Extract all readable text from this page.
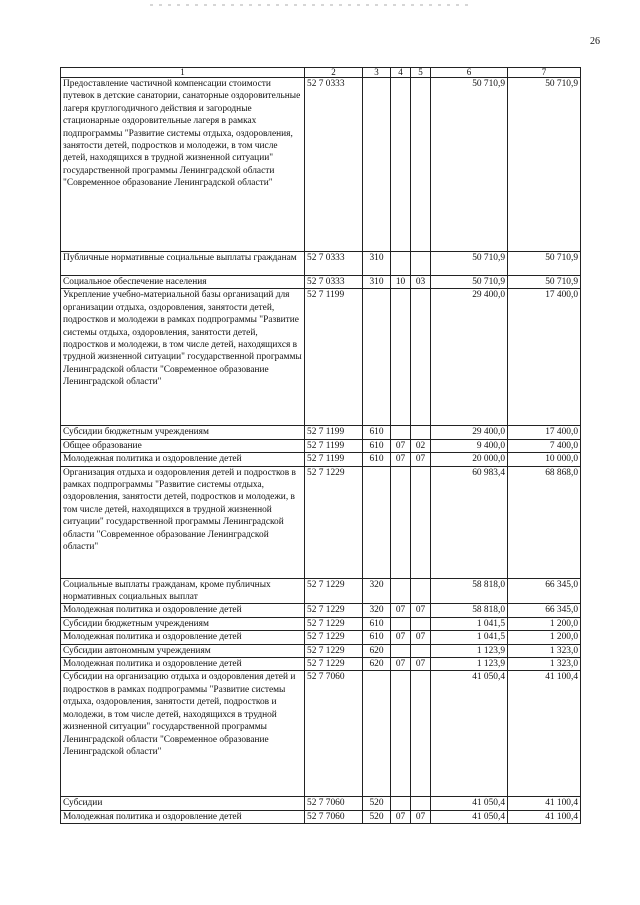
26
1	2	3	4	5	6	7
Предоставление частичной компенсации стоимости путевок в детские санатории, санаторные оздоровительные лагеря круглогодичного действия и загородные стационарные оздоровительные лагеря в рамках подпрограммы "Развитие системы отдыха, оздоровления, занятости детей, подростков и молодежи, в том числе детей, находящихся в трудной жизненной ситуации" государственной программы Ленинградской области "Современное образование Ленинградской области"	52 7 0333				50 710,9	50 710,9
Публичные нормативные социальные выплаты гражданам	52 7 0333	310			50 710,9	50 710,9
Социальное обеспечение населения	52 7 0333	310	10	03	50 710,9	50 710,9
Укрепление учебно-материальной базы организаций для организации отдыха, оздоровления, занятости детей, подростков и молодежи в рамках подпрограммы "Развитие системы отдыха, оздоровления, занятости детей, подростков и молодежи, в том числе детей, находящихся в трудной жизненной ситуации" государственной программы Ленинградской области "Современное образование Ленинградской области"	52 7 1199				29 400,0	17 400,0
Субсидии бюджетным учреждениям	52 7 1199	610			29 400,0	17 400,0
Общее образование	52 7 1199	610	07	02	9 400,0	7 400,0
Молодежная политика и оздоровление детей	52 7 1199	610	07	07	20 000,0	10 000,0
Организация отдыха и оздоровления детей и подростков в рамках подпрограммы "Развитие системы отдыха, оздоровления, занятости детей, подростков и молодежи, в том числе детей, находящихся в трудной жизненной ситуации" государственной программы Ленинградской области "Современное образование Ленинградской области"	52 7 1229				60 983,4	68 868,0
Социальные выплаты гражданам, кроме публичных нормативных социальных выплат	52 7 1229	320			58 818,0	66 345,0
Молодежная политика и оздоровление детей	52 7 1229	320	07	07	58 818,0	66 345,0
Субсидии бюджетным учреждениям	52 7 1229	610			1 041,5	1 200,0
Молодежная политика и оздоровление детей	52 7 1229	610	07	07	1 041,5	1 200,0
Субсидии автономным учреждениям	52 7 1229	620			1 123,9	1 323,0
Молодежная политика и оздоровление детей	52 7 1229	620	07	07	1 123,9	1 323,0
Субсидии на организацию отдыха и оздоровления детей и подростков в рамках подпрограммы "Развитие системы отдыха, оздоровления, занятости детей, подростков и молодежи, в том числе детей, находящихся в трудной жизненной ситуации" государственной программы Ленинградской области "Современное образование Ленинградской области"	52 7 7060				41 050,4	41 100,4
Субсидии	52 7 7060	520			41 050,4	41 100,4
Молодежная политика и оздоровление детей	52 7 7060	520	07	07	41 050,4	41 100,4
